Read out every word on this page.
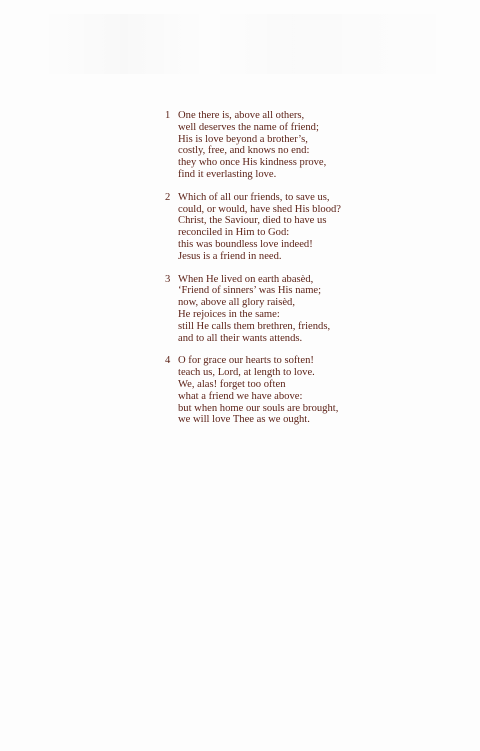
1 One there is, above all others,
well deserves the name of friend;
His is love beyond a brother’s,
costly, free, and knows no end:
they who once His kindness prove,
find it everlasting love.
2 Which of all our friends, to save us,
could, or would, have shed His blood?
Christ, the Saviour, died to have us
reconciled in Him to God:
this was boundless love indeed!
Jesus is a friend in need.
3 When He lived on earth abasèd,
‘Friend of sinners’ was His name;
now, above all glory raisèd,
He rejoices in the same:
still He calls them brethren, friends,
and to all their wants attends.
4 O for grace our hearts to soften!
teach us, Lord, at length to love.
We, alas! forget too often
what a friend we have above:
but when home our souls are brought,
we will love Thee as we ought.
